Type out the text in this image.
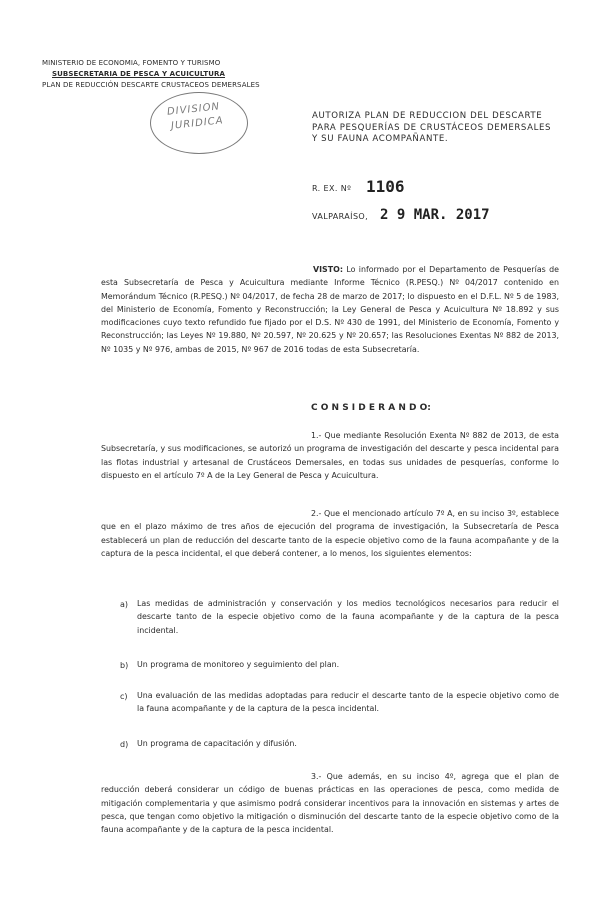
MINISTERIO DE ECONOMIA, FOMENTO Y TURISMO
SUBSECRETARIA DE PESCA Y ACUICULTURA
PLAN DE REDUCCIÓN DESCARTE CRUSTACEOS DEMERSALES
DIVISION
JURIDICA	AUTORIZA PLAN DE REDUCCION DEL DESCARTE PARA PESQUERÍAS DE CRUSTÁCEOS DEMERSALES Y SU FAUNA ACOMPAÑANTE.
R. EX. Nº 1106
VALPARAÍSO, 2 9 MAR. 2017
VISTO: Lo informado por el Departamento de Pesquerías de esta Subsecretaría de Pesca y Acuicultura mediante Informe Técnico (R.PESQ.) Nº 04/2017 contenido en Memorándum Técnico (R.PESQ.) Nº 04/2017, de fecha 28 de marzo de 2017; lo dispuesto en el D.F.L. Nº 5 de 1983, del Ministerio de Economía, Fomento y Reconstrucción; la Ley General de Pesca y Acuicultura Nº 18.892 y sus modificaciones cuyo texto refundido fue fijado por el D.S. Nº 430 de 1991, del Ministerio de Economía, Fomento y Reconstrucción; las Leyes Nº 19.880, Nº 20.597, Nº 20.625 y Nº 20.657; las Resoluciones Exentas Nº 882 de 2013, Nº 1035 y Nº 976, ambas de 2015, Nº 967 de 2016 todas de esta Subsecretaría.
C O N S I D E R A N D O:
1.- Que mediante Resolución Exenta Nº 882 de 2013, de esta Subsecretaría, y sus modificaciones, se autorizó un programa de investigación del descarte y pesca incidental para las flotas industrial y artesanal de Crustáceos Demersales, en todas sus unidades de pesquerías, conforme lo dispuesto en el artículo 7º A de la Ley General de Pesca y Acuicultura.
2.- Que el mencionado artículo 7º A, en su inciso 3º, establece que en el plazo máximo de tres años de ejecución del programa de investigación, la Subsecretaría de Pesca establecerá un plan de reducción del descarte tanto de la especie objetivo como de la fauna acompañante y de la captura de la pesca incidental, el que deberá contener, a lo menos, los siguientes elementos:
a) Las medidas de administración y conservación y los medios tecnológicos necesarios para reducir el descarte tanto de la especie objetivo como de la fauna acompañante y de la captura de la pesca incidental.
b) Un programa de monitoreo y seguimiento del plan.
c) Una evaluación de las medidas adoptadas para reducir el descarte tanto de la especie objetivo como de la fauna acompañante y de la captura de la pesca incidental.
d) Un programa de capacitación y difusión.
3.- Que además, en su inciso 4º, agrega que el plan de reducción deberá considerar un código de buenas prácticas en las operaciones de pesca, como medida de mitigación complementaria y que asimismo podrá considerar incentivos para la innovación en sistemas y artes de pesca, que tengan como objetivo la mitigación o disminución del descarte tanto de la especie objetivo como de la fauna acompañante y de la captura de la pesca incidental.
